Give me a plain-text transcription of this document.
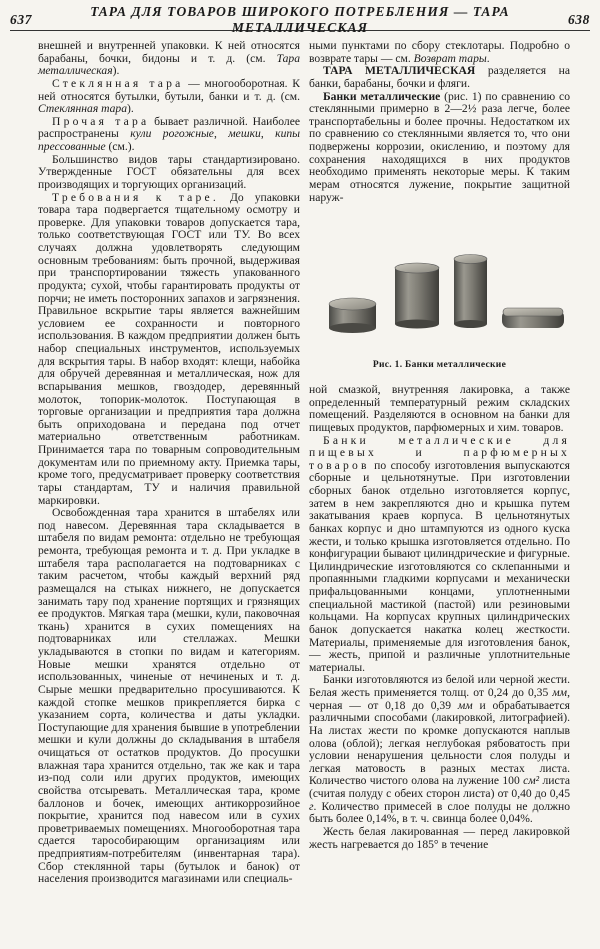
637
ТАРА ДЛЯ ТОВАРОВ ШИРОКОГО ПОТРЕБЛЕНИЯ — ТАРА МЕТАЛЛИЧЕСКАЯ
638

внешней и внутренней упаковки. К ней относятся барабаны, бочки, бидоны и т. д. (см. Тара металлическая).

Стеклянная тара — многооборотная. К ней относятся бутылки, бутыли, банки и т. д. (см. Стеклянная тара).

Прочая тара бывает различной. Наиболее распространены кули рогожные, мешки, кипы прессованные (см.).

Большинство видов тары стандартизировано. Утвержденные ГОСТ обязательны для всех производящих и торгующих организаций.

Требования к таре. До упаковки товара тара подвергается тщательному осмотру и проверке. Для упаковки товаров допускается тара, только соответствующая ГОСТ или ТУ. Во всех случаях должна удовлетворять следующим основным требованиям: быть прочной, выдерживая при транспортировании тяжесть упакованного продукта; сухой, чтобы гарантировать продукты от порчи; не иметь посторонних запахов и загрязнения. Правильное вскрытие тары является важнейшим условием ее сохранности и повторного использования. В каждом предприятии должен быть набор специальных инструментов, используемых для вскрытия тары. В набор входят: клещи, набойка для обручей деревянная и металлическая, нож для вспарывания мешков, гвоздодер, деревянный молоток, топорик-молоток. Поступающая в торговые организации и предприятия тара должна быть оприходована и передана под отчет материально ответственным работникам. Принимается тара по товарным сопроводительным документам или по приемному акту. Приемка тары, кроме того, предусматривает проверку соответствия тары стандартам, ТУ и наличия правильной маркировки.

Освобожденная тара хранится в штабелях или под навесом. Деревянная тара складывается в штабеля по видам ремонта: отдельно не требующая ремонта, требующая ремонта и т. д. При укладке в штабеля тара располагается на подтоварниках с таким расчетом, чтобы каждый верхний ряд размещался на стыках нижнего, не допускается занимать тару под хранение портящих и грязнящих ее продуктов. Мягкая тара (мешки, кули, паковочная ткань) хранится в сухих помещениях на подтоварниках или стеллажах. Мешки укладываются в стопки по видам и категориям. Новые мешки хранятся отдельно от использованных, чиненые от нечиненых и т. д. Сырые мешки предварительно просушиваются. К каждой стопке мешков прикрепляется бирка с указанием сорта, количества и даты укладки. Поступающие для хранения бывшие в употреблении мешки и кули должны до складывания в штабеля очищаться от остатков продуктов. До просушки влажная тара хранится отдельно, так же как и тара из-под соли или других продуктов, имеющих свойства отсыревать. Металлическая тара, кроме баллонов и бочек, имеющих антикоррозийное покрытие, хранится под навесом или в сухих проветриваемых помещениях. Многооборотная тара сдается тарособирающим организациям или предприятиям-потребителям (инвентарная тара). Сбор стеклянной тары (бутылок и банок) от населения производится магазинами или специаль-

ными пунктами по сбору стеклотары. Подробно о возврате тары — см. Возврат тары.

ТАРА МЕТАЛЛИЧЕСКАЯ разделяется на банки, барабаны, бочки и фляги.

Банки металлические (рис. 1) по сравнению со стеклянными примерно в 2—2½ раза легче, более транспортабельны и более прочны. Недостатком их по сравнению со стеклянными является то, что они подвержены коррозии, окислению, и поэтому для сохранения находящихся в них продуктов необходимо применять некоторые меры. К таким мерам относятся лужение, покрытие защитной наруж-

Рис. 1. Банки металлические

ной смазкой, внутренняя лакировка, а также определенный температурный режим складских помещений. Разделяются в основном на банки для пищевых продуктов, парфюмерных и хим. товаров.

Банки металлические для пищевых и парфюмерных товаров по способу изготовления выпускаются сборные и цельнотянутые. При изготовлении сборных банок отдельно изготовляется корпус, затем в нем закрепляются дно и крышка путем закатывания краев корпуса. В цельнотянутых банках корпус и дно штампуются из одного куска жести, и только крышка изготовляется отдельно. По конфигурации бывают цилиндрические и фигурные. Цилиндрические изготовляются со склепанными и пропаянными гладкими корпусами и механически прифальцованными концами, уплотненными специальной мастикой (пастой) или резиновыми кольцами. На корпусах крупных цилиндрических банок допускается накатка колец жесткости. Материалы, применяемые для изготовления банок, — жесть, припой и различные уплотнительные материалы.

Банки изготовляются из белой или черной жести. Белая жесть применяется толщ. от 0,24 до 0,35 мм, черная — от 0,18 до 0,39 мм и обрабатывается различными способами (лакировкой, литографией). На листах жести по кромке допускаются наплыв олова (облой); легкая неглубокая рябоватость при условии ненарушения цельности слоя полуды и легкая матовость в разных местах листа. Количество чистого олова на лужение 100 см² листа (считая полуду с обеих сторон листа) от 0,40 до 0,45 г. Количество примесей в слое полуды не должно быть более 0,14%, в т. ч. свинца более 0,04%.

Жесть белая лакированная — перед лакировкой жесть нагревается до 185° в течение
